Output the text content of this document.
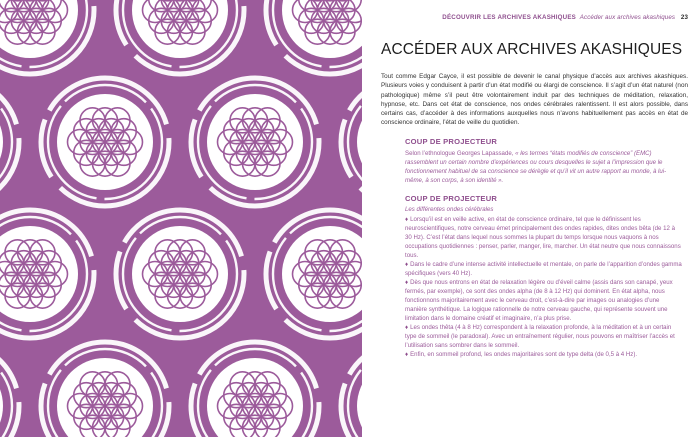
DÉCOUVRIR LES ARCHIVES AKASHIQUES Accéder aux archives akashiques 23
ACCÉDER AUX ARCHIVES AKASHIQUES

Tout comme Edgar Cayce, il est possible de devenir le canal physique d’accès aux archives akashiques. Plusieurs voies y conduisent à partir d’un état modifié ou élargi de conscience. Il s’agit d’un état naturel (non pathologique) même s’il peut être volontairement induit par des techniques de méditation, relaxation, hypnose, etc. Dans cet état de conscience, nos ondes cérébrales ralentissent. Il est alors possible, dans certains cas, d’accéder à des informations auxquelles nous n’avons habituellement pas accès en état de conscience ordinaire, l’état de veille du quotidien.

COUP DE PROJECTEUR
Selon l’ethnologue Georges Lapassade, « les termes “états modifiés de conscience” (EMC) rassemblent un certain nombre d’expériences ou cours desquelles le sujet a l’impression que le fonctionnement habituel de sa conscience se dérègle et qu’il vit un autre rapport au monde, à lui-même, à son corps, à son identité ».
COUP DE PROJECTEUR
Les différentes ondes cérébrales
♦ Lorsqu’il est en veille active, en état de conscience ordinaire, tel que le définissent les neuroscientifiques, notre cerveau émet principalement des ondes rapides, dites ondes bêta (de 12 à 30 Hz). C’est l’état dans lequel nous sommes la plupart du temps lorsque nous vaquons à nos occupations quotidiennes : penser, parler, manger, lire, marcher. Un état neutre que nous connaissons tous.
♦ Dans le cadre d’une intense activité intellectuelle et mentale, on parle de l’apparition d’ondes gamma spécifiques (vers 40 Hz).
♦ Dès que nous entrons en état de relaxation légère ou d’éveil calme (assis dans son canapé, yeux fermés, par exemple), ce sont des ondes alpha (de 8 à 12 Hz) qui dominent. En état alpha, nous fonctionnons majoritairement avec le cerveau droit, c’est-à-dire par images ou analogies d’une manière synthétique. La logique rationnelle de notre cerveau gauche, qui représente souvent une limitation dans le domaine créatif et imaginaire, n’a plus prise.
♦ Les ondes thêta (4 à 8 Hz) correspondent à la relaxation profonde, à la méditation et à un certain type de sommeil (le paradoxal). Avec un entraînement régulier, nous pouvons en maîtriser l’accès et l’utilisation sans sombrer dans le sommeil.
♦ Enfin, en sommeil profond, les ondes majoritaires sont de type delta (de 0,5 à 4 Hz).
